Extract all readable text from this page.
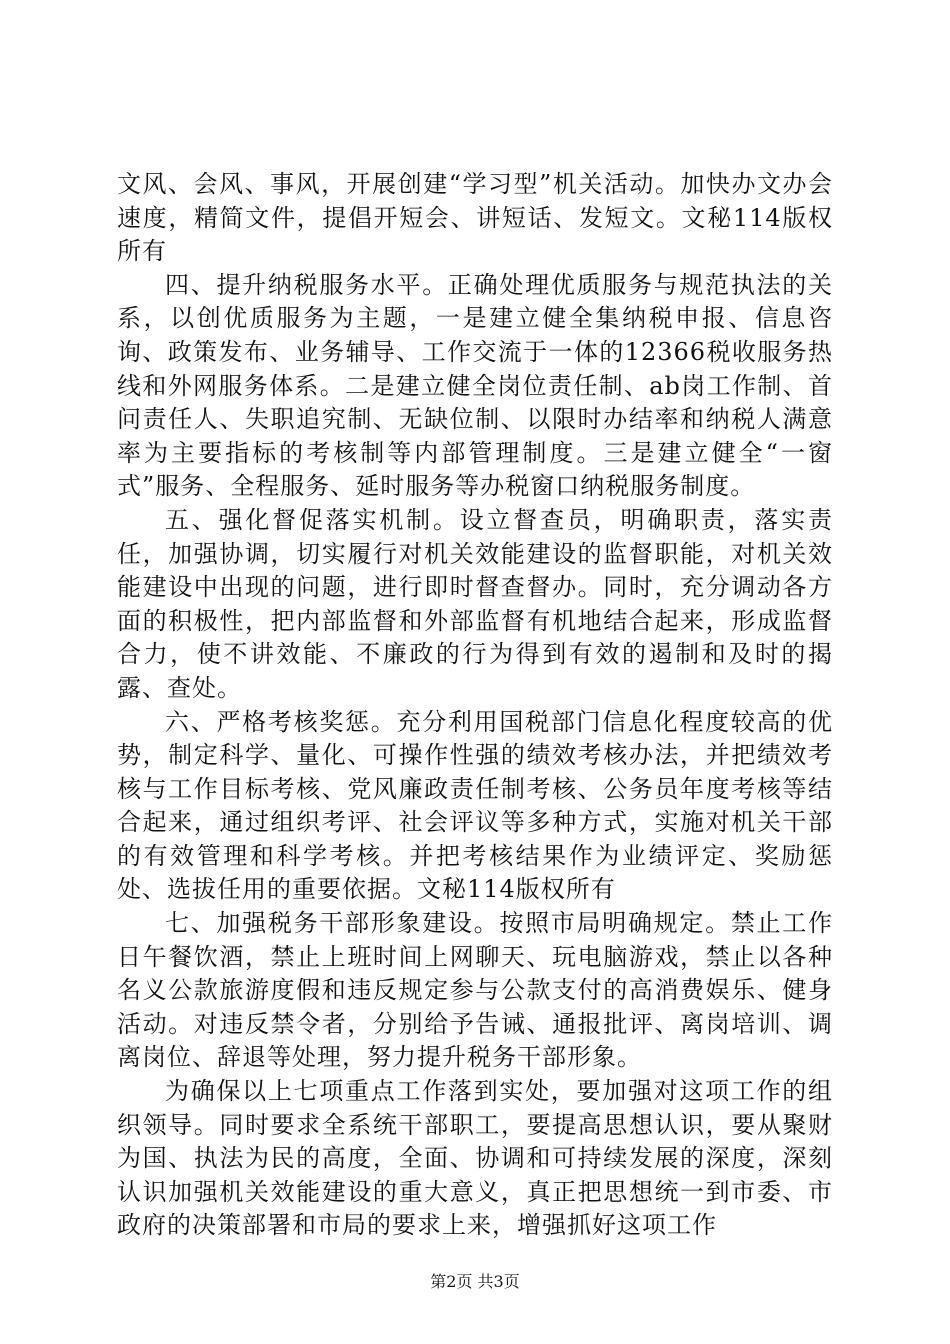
文风、会风、事风，开展创建“学习型”机关活动。加快办文办会速度，精简文件，提倡开短会、讲短话、发短文。文秘114版权所有

四、提升纳税服务水平。正确处理优质服务与规范执法的关系，以创优质服务为主题，一是建立健全集纳税申报、信息咨询、政策发布、业务辅导、工作交流于一体的12366税收服务热线和外网服务体系。二是建立健全岗位责任制、ab岗工作制、首问责任人、失职追究制、无缺位制、以限时办结率和纳税人满意率为主要指标的考核制等内部管理制度。三是建立健全“一窗式”服务、全程服务、延时服务等办税窗口纳税服务制度。

五、强化督促落实机制。设立督查员，明确职责，落实责任，加强协调，切实履行对机关效能建设的监督职能，对机关效能建设中出现的问题，进行即时督查督办。同时，充分调动各方面的积极性，把内部监督和外部监督有机地结合起来，形成监督合力，使不讲效能、不廉政的行为得到有效的遏制和及时的揭露、查处。

六、严格考核奖惩。充分利用国税部门信息化程度较高的优势，制定科学、量化、可操作性强的绩效考核办法，并把绩效考核与工作目标考核、党风廉政责任制考核、公务员年度考核等结合起来，通过组织考评、社会评议等多种方式，实施对机关干部的有效管理和科学考核。并把考核结果作为业绩评定、奖励惩处、选拔任用的重要依据。文秘114版权所有

七、加强税务干部形象建设。按照市局明确规定。禁止工作日午餐饮酒，禁止上班时间上网聊天、玩电脑游戏，禁止以各种名义公款旅游度假和违反规定参与公款支付的高消费娱乐、健身活动。对违反禁令者，分别给予告诫、通报批评、离岗培训、调离岗位、辞退等处理，努力提升税务干部形象。

为确保以上七项重点工作落到实处，要加强对这项工作的组织领导。同时要求全系统干部职工，要提高思想认识，要从聚财为国、执法为民的高度，全面、协调和可持续发展的深度，深刻认识加强机关效能建设的重大意义，真正把思想统一到市委、市政府的决策部署和市局的要求上来，增强抓好这项工作

第2页 共3页
